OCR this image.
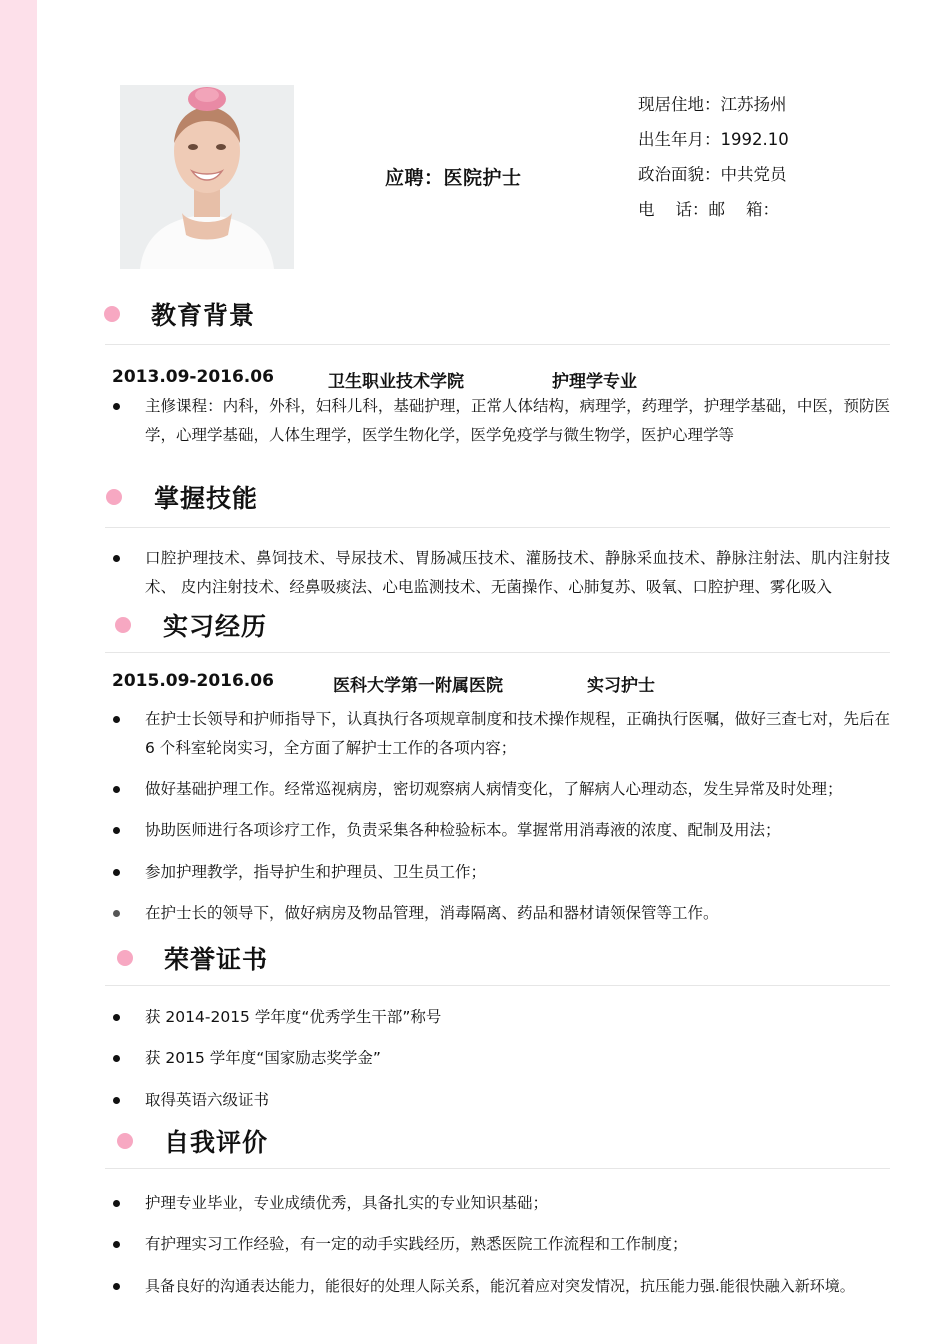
应聘：医院护士
现居住地：江苏扬州
出生年月：1992.10
政治面貌：中共党员
电    话：邮    箱：
教育背景
2013.09-2016.06	卫生职业技术学院	护理学专业
主修课程：内科，外科，妇科儿科，基础护理，正常人体结构，病理学，药理学，护理学基础，中医，预防医学，心理学基础，人体生理学，医学生物化学，医学免疫学与微生物学，医护心理学等
掌握技能
口腔护理技术、鼻饲技术、导尿技术、胃肠减压技术、灌肠技术、静脉采血技术、静脉注射法、肌内注射技术、 皮内注射技术、经鼻吸痰法、心电监测技术、无菌操作、心肺复苏、吸氧、口腔护理、雾化吸入
实习经历
2015.09-2016.06	医科大学第一附属医院	实习护士
在护士长领导和护师指导下，认真执行各项规章制度和技术操作规程，正确执行医嘱，做好三查七对，先后在 6 个科室轮岗实习，全方面了解护士工作的各项内容；
做好基础护理工作。经常巡视病房，密切观察病人病情变化，了解病人心理动态，发生异常及时处理；
协助医师进行各项诊疗工作，负责采集各种检验标本。掌握常用消毒液的浓度、配制及用法；
参加护理教学，指导护生和护理员、卫生员工作；
在护士长的领导下，做好病房及物品管理，消毒隔离、药品和器材请领保管等工作。
荣誉证书
获 2014-2015 学年度“优秀学生干部”称号
获 2015 学年度“国家励志奖学金”
取得英语六级证书
自我评价
护理专业毕业，专业成绩优秀，具备扎实的专业知识基础；
有护理实习工作经验，有一定的动手实践经历，熟悉医院工作流程和工作制度；
具备良好的沟通表达能力，能很好的处理人际关系，能沉着应对突发情况，抗压能力强.能很快融入新环境。
